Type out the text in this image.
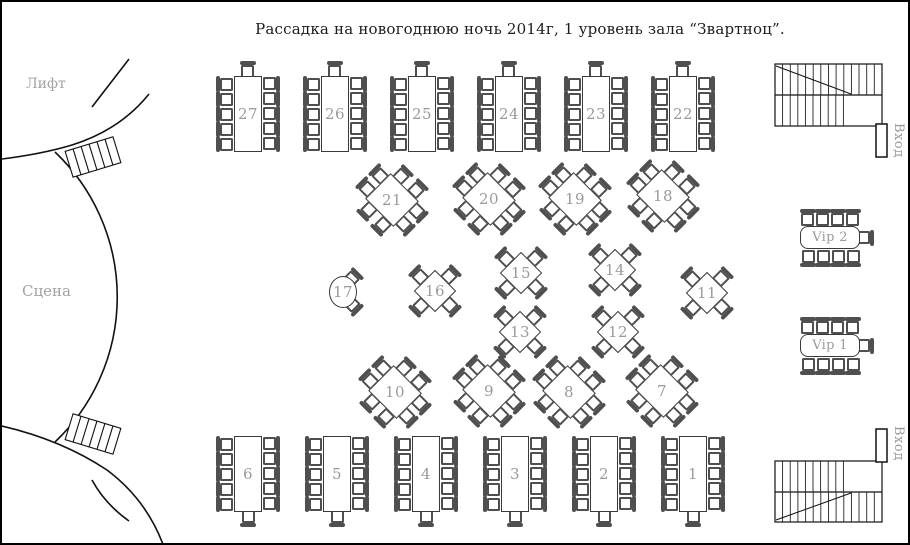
Рассадка на новогоднюю ночь 2014г, 1 уровень зала “Звартноц”.
Лифт
Сцена
Вход
Вход
27	26	25	24	23	22
21	20	19	18
17	16
15	14
13	12
11
10	9	8	7
6	5	4	3	2	1
Vip 2
Vip 1
